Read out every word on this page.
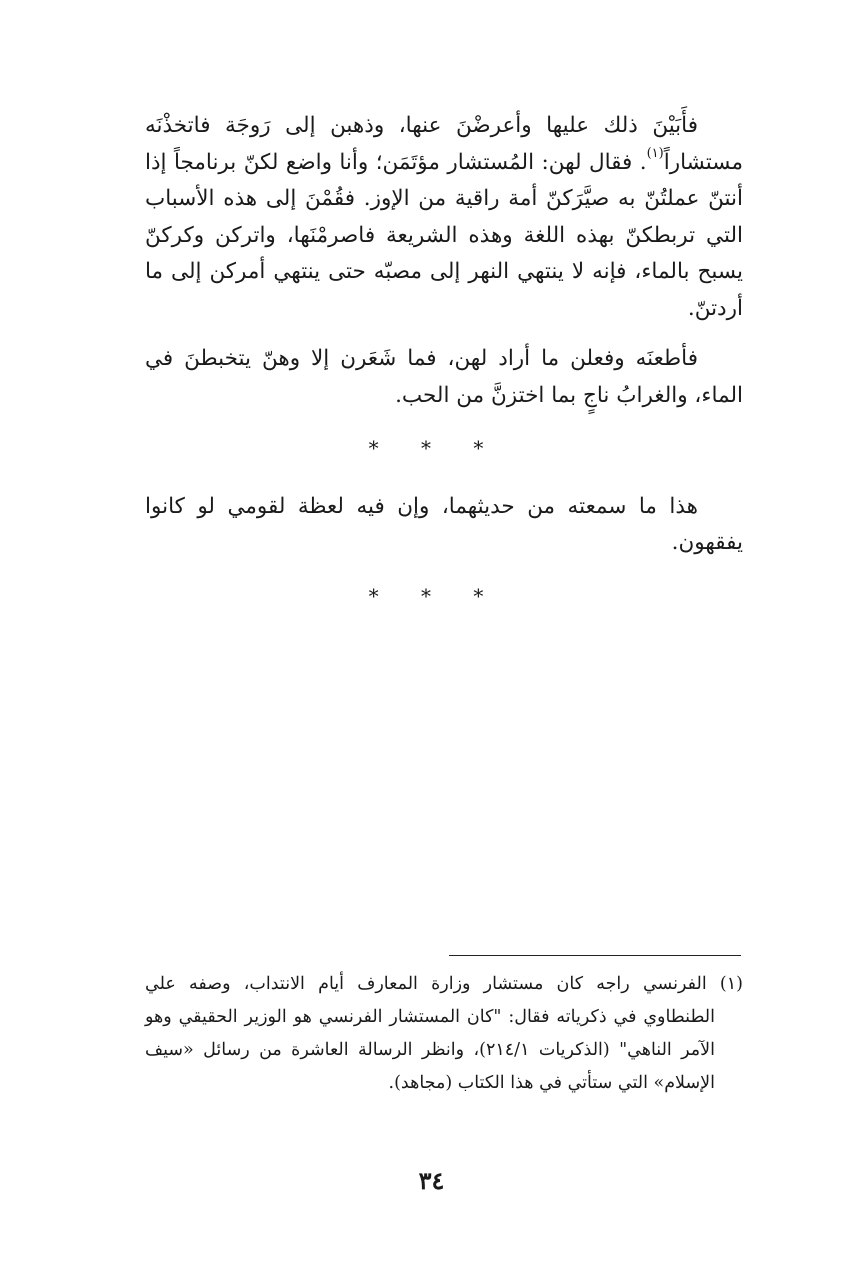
فأَبَيْنَ ذلك عليها وأعرضْنَ عنها، وذهبن إلى رَوجَة فاتخذْنَه مستشاراً$^{(١)}$. فقال لهن: المُستشار مؤتَمَن؛ وأنا واضع لكنّ برنامجاً إذا أنتنّ عملتُنّ به صيَّرَكنّ أمة راقية من الإوز. فقُمْنَ إلى هذه الأسباب التي تربطكنّ بهذه اللغة وهذه الشريعة فاصرمْنَها، واتركن وكركنّ يسبح بالماء، فإنه لا ينتهي النهر إلى مصبّه حتى ينتهي أمركن إلى ما أردتنّ.

فأطعنَه وفعلن ما أراد لهن، فما شَعَرن إلا وهنّ يتخبطنَ في الماء، والغرابُ ناجٍ بما اختزنَّ من الحب.

* * *

هذا ما سمعته من حديثهما، وإن فيه لعظة لقومي لو كانوا يفقهون.

* * *

(١) الفرنسي راجه كان مستشار وزارة المعارف أيام الانتداب، وصفه علي الطنطاوي في ذكرياته فقال: "كان المستشار الفرنسي هو الوزير الحقيقي وهو الآمر الناهي" (الذكريات ٢١٤/١)، وانظر الرسالة العاشرة من رسائل «سيف الإسلام» التي ستأتي في هذا الكتاب (مجاهد).

٣٤
